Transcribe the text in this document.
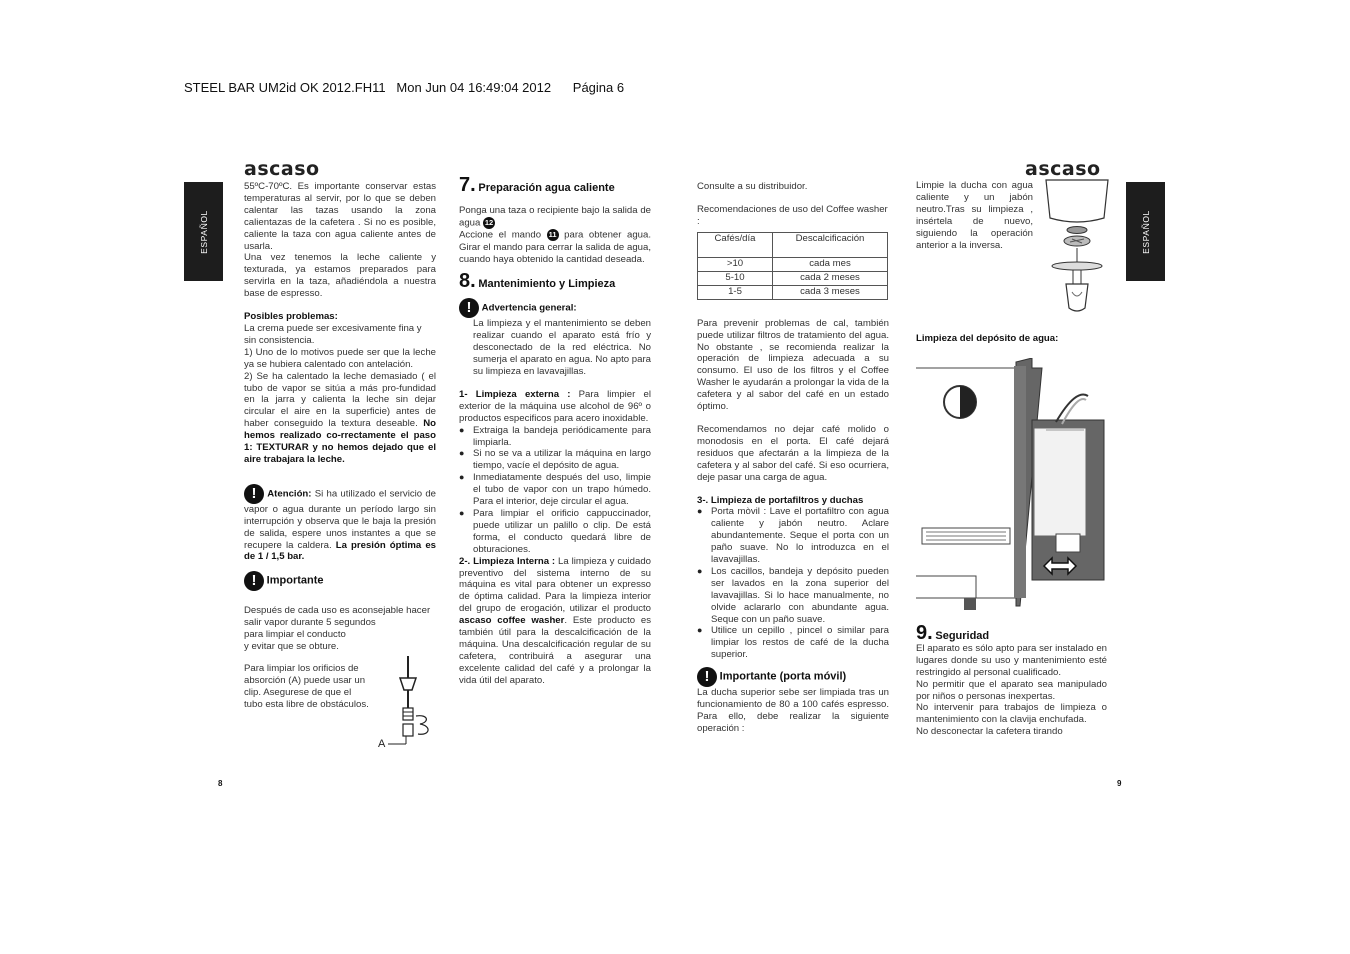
STEEL BAR UM2id OK 2012.FH11   Mon Jun 04 16:49:04 2012      Página 6
ascaso	ascaso
ESPAÑOL	ESPAÑOL
8	9

55ºC-70ºC. Es importante conservar estas temperaturas al servir, por lo que se deben calentar las tazas usando la zona calientazas de la cafetera . Si no es posible, caliente la taza con agua caliente antes de usarla.

Una vez tenemos la leche caliente y texturada, ya estamos preparados para servirla en la taza, añadiéndola a nuestra base de espresso.

Posibles problemas:

La crema puede ser excesivamente fina y sin consistencia.

1) Uno de lo motivos puede ser que la leche ya se hubiera calentado con antelación.

2) Se ha calentado la leche demasiado ( el tubo de vapor se sitúa a más pro-fundidad en la jarra y calienta la leche sin dejar circular el aire en la superficie) antes de haber conseguido la textura deseable. No hemos realizado co-rrectamente el paso 1: TEXTURAR y no hemos dejado que el aire trabajara la leche.

! Atención: Si ha utilizado el servicio de vapor o agua durante un período largo sin interrupción y observa que le baja la presión de salida, espere unos instantes a que se recupere la caldera. La presión óptima es de 1 / 1,5 bar.

! Importante

Después de cada uso es aconsejable hacer salir vapor durante 5 segundos

para limpiar el conducto

y evitar que se obture.

Para limpiar los orificios de absorción (A) puede usar un clip. Asegurese de que el tubo esta libre de obstáculos.

A

7. Preparación agua caliente

Ponga una taza o recipiente bajo la salida de agua 12

Accione el mando 11 para obtener agua. Girar el mando para cerrar la salida de agua, cuando haya obtenido la cantidad deseada.

8. Mantenimiento y Limpieza

! Advertencia general:

La limpieza y el mantenimiento se deben realizar cuando el aparato está frío y desconectado de la red eléctrica. No sumerja el aparato en agua. No apto para su limpieza en lavavajillas.

1- Limpieza externa : Para limpier el exterior de la máquina use alcohol de 96º o productos especificos para acero inoxidable.

● Extraiga la bandeja periódicamente para limpiarla.

● Si no se va a utilizar la máquina en largo tiempo, vacíe el depósito de agua.

● Inmediatamente después del uso, limpie el tubo de vapor con un trapo húmedo. Para el interior, deje circular el agua.

● Para limpiar el orificio cappuccinador, puede utilizar un palillo o clip. De está forma, el conducto quedará libre de obturaciones.

2-. Limpieza Interna : La limpieza y cuidado preventivo del sistema interno de su máquina es vital para obtener un expresso de óptima calidad. Para la limpieza interior del grupo de erogación, utilizar el producto ascaso coffee washer. Este producto es también útil para la descalcificación de la máquina. Una descalcificación regular de su cafetera, contribuirá a asegurar una excelente calidad del café y a prolongar la vida útil del aparato.

Consulte a su distribuidor.

Recomendaciones de uso del Coffee washer :

Cafés/día	Descalcificación
>10	cada mes
5-10	cada 2 meses
1-5	cada 3 meses

Para prevenir problemas de cal, también puede utilizar filtros de tratamiento del agua. No obstante , se recomienda realizar la operación de limpieza adecuada a su consumo. El uso de los filtros y el Coffee Washer le ayudarán a prolongar la vida de la cafetera y al sabor del café en un estado óptimo.

Recomendamos no dejar café molido o monodosis en el porta. El café dejará residuos que afectarán a la limpieza de la cafetera y al sabor del café. Si eso ocurriera, deje pasar una carga de agua.

3-. Limpieza de portafiltros y duchas

● Porta mòvil : Lave el portafiltro con agua caliente y jabón neutro. Aclare abundantemente. Seque el porta con un paño suave. No lo introduzca en el lavavajillas.

● Los cacillos, bandeja y depósito pueden ser lavados en la zona superior del lavavajillas. Si lo hace manualmente, no olvide aclararlo con abundante agua. Seque con un paño suave.

● Utilice un cepillo , pincel o similar para limpiar los restos de café de la ducha superior.

! Importante (porta móvil)

La ducha superior sebe ser limpiada tras un funcionamiento de 80 a 100 cafés espresso. Para ello, debe realizar la siguiente operación :

Limpie la ducha con agua caliente y un jabón neutro.Tras su limpieza , insértela de nuevo, siguiendo la operación anterior a la inversa.
Limpieza del depósito de agua:

9. Seguridad

El aparato es sólo apto para ser instalado en lugares donde su uso y mantenimiento esté restringido al personal cualificado.

No permitir que el aparato sea manipulado por niños o personas inexpertas.

No intervenir para trabajos de limpieza o mantenimiento con la clavija enchufada.

No desconectar la cafetera tirando
